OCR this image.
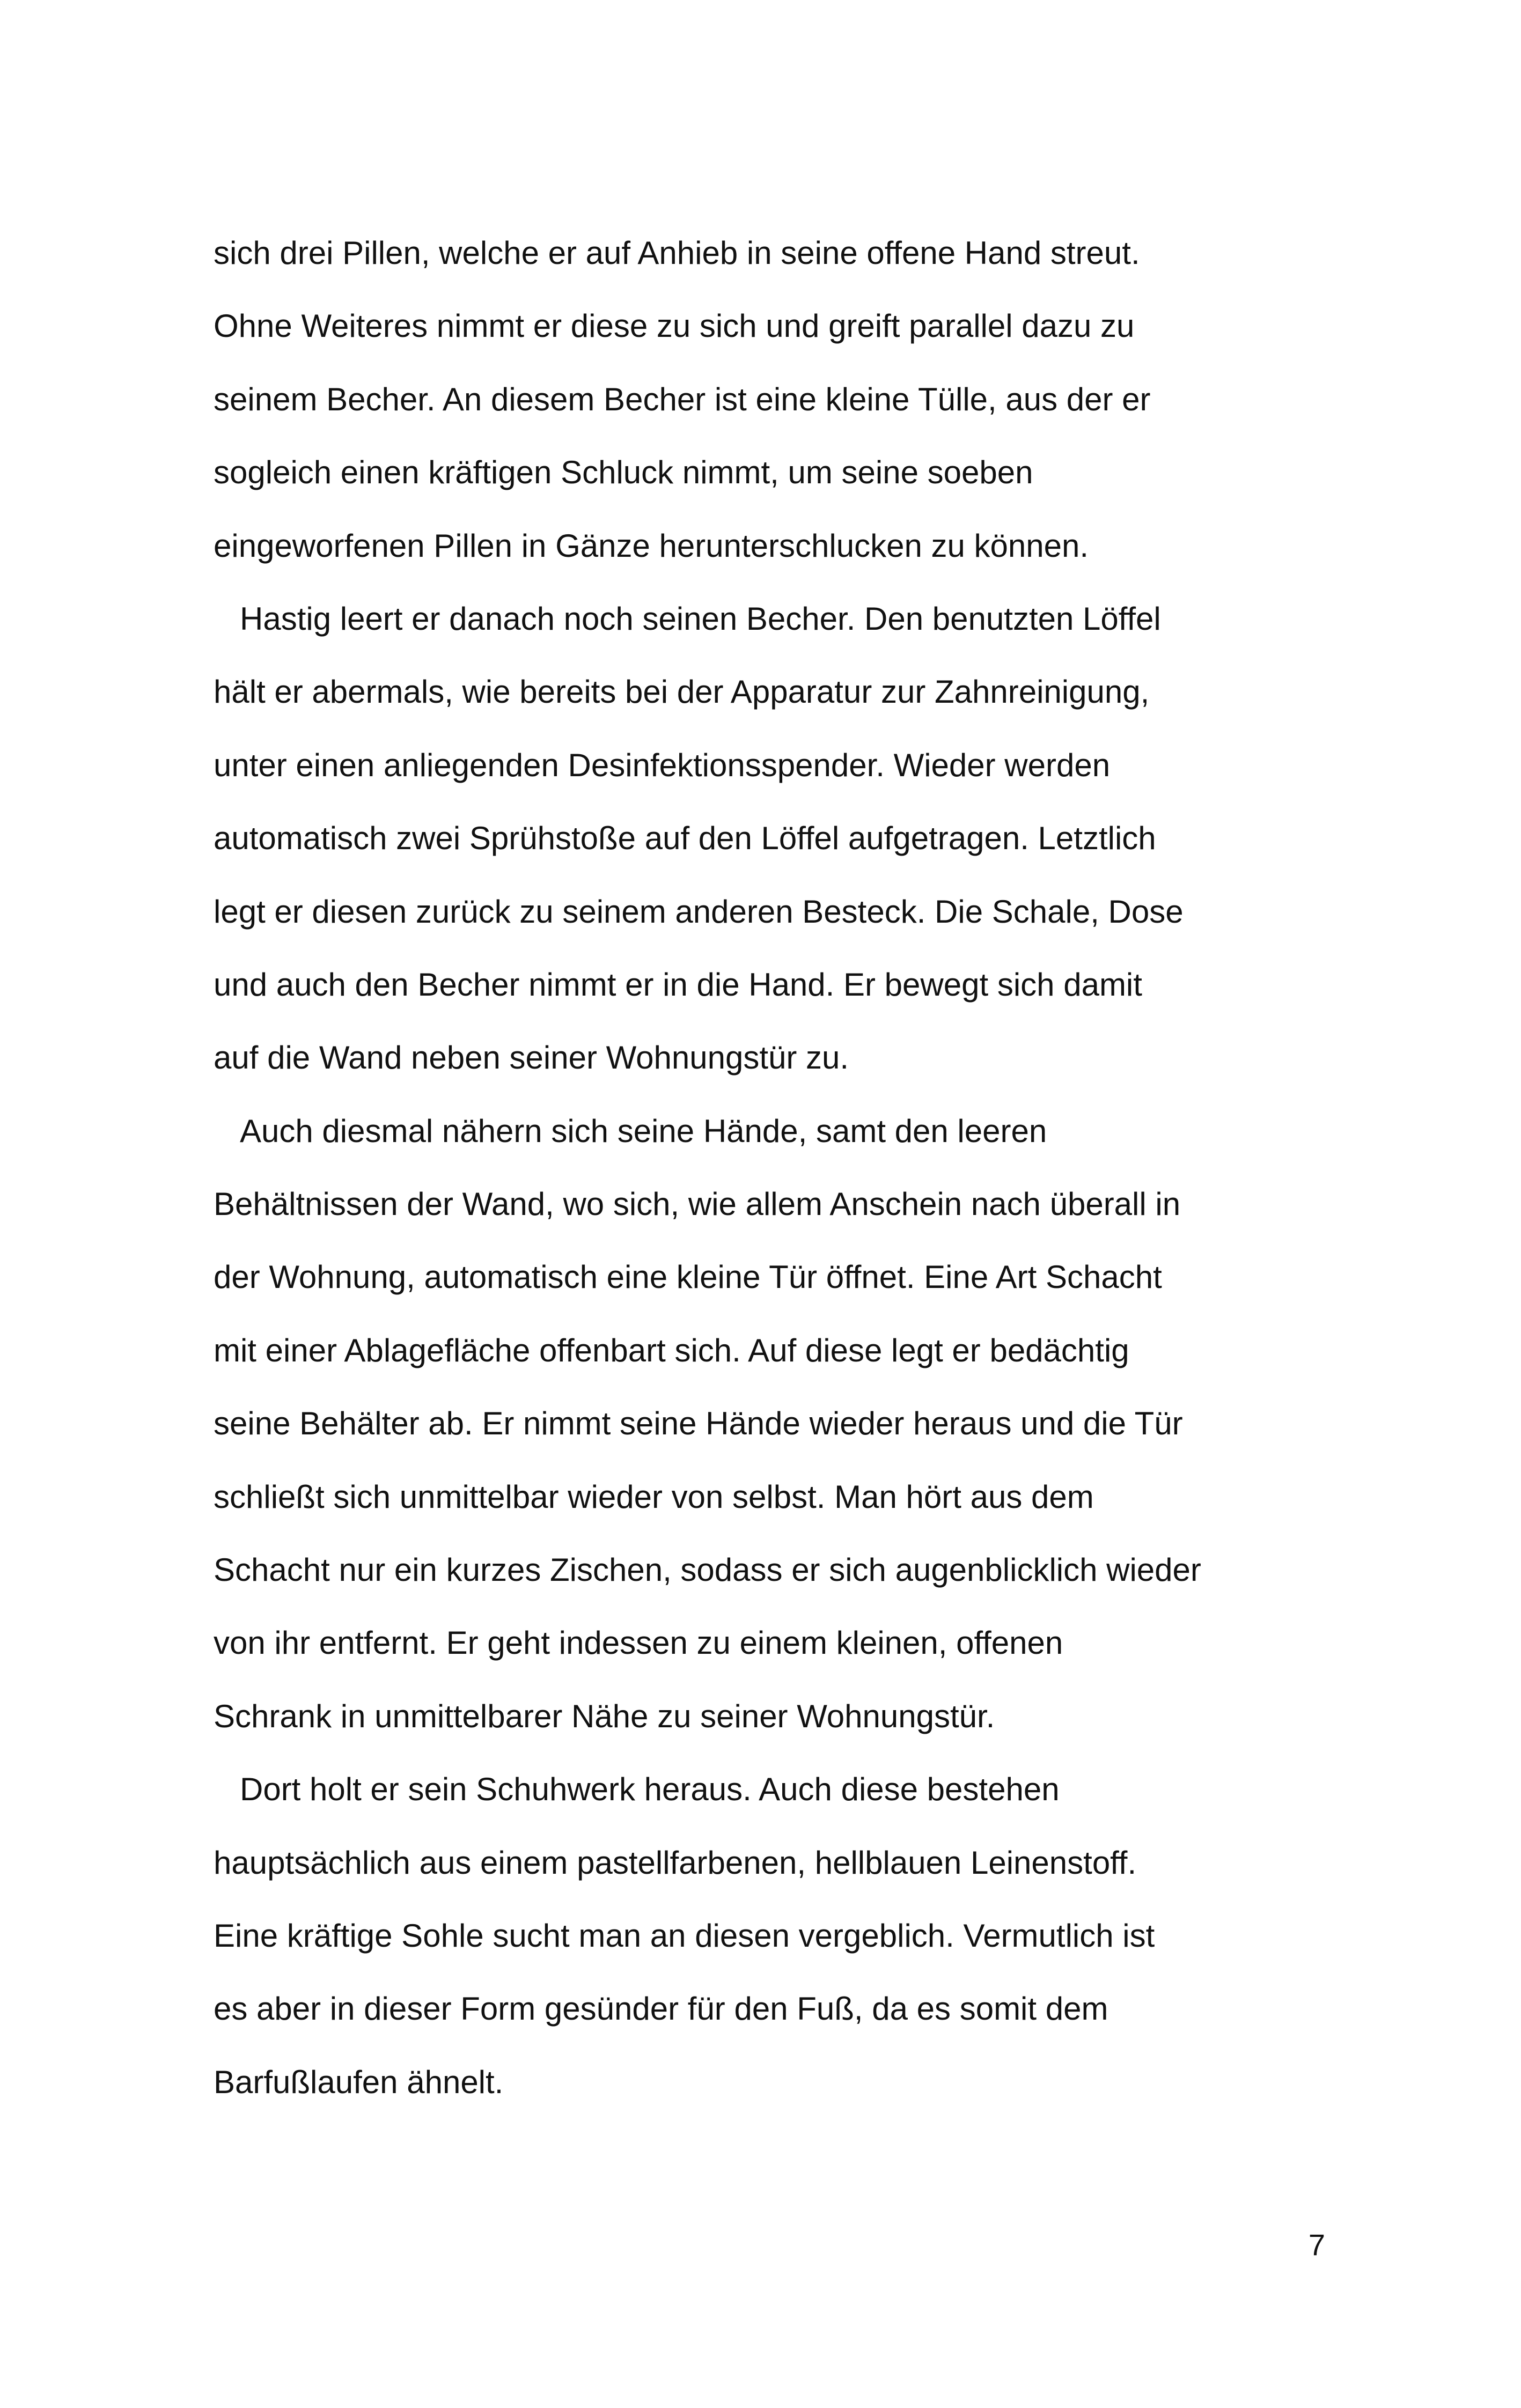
sich drei Pillen, welche er auf Anhieb in seine offene Hand streut.
Ohne Weiteres nimmt er diese zu sich und greift parallel dazu zu
seinem Becher. An diesem Becher ist eine kleine Tülle, aus der er
sogleich einen kräftigen Schluck nimmt, um seine soeben
eingeworfenen Pillen in Gänze herunterschlucken zu können.
Hastig leert er danach noch seinen Becher. Den benutzten Löffel
hält er abermals, wie bereits bei der Apparatur zur Zahnreinigung,
unter einen anliegenden Desinfektionsspender. Wieder werden
automatisch zwei Sprühstoße auf den Löffel aufgetragen. Letztlich
legt er diesen zurück zu seinem anderen Besteck. Die Schale, Dose
und auch den Becher nimmt er in die Hand. Er bewegt sich damit
auf die Wand neben seiner Wohnungstür zu.
Auch diesmal nähern sich seine Hände, samt den leeren
Behältnissen der Wand, wo sich, wie allem Anschein nach überall in
der Wohnung, automatisch eine kleine Tür öffnet. Eine Art Schacht
mit einer Ablagefläche offenbart sich. Auf diese legt er bedächtig
seine Behälter ab. Er nimmt seine Hände wieder heraus und die Tür
schließt sich unmittelbar wieder von selbst. Man hört aus dem
Schacht nur ein kurzes Zischen, sodass er sich augenblicklich wieder
von ihr entfernt. Er geht indessen zu einem kleinen, offenen
Schrank in unmittelbarer Nähe zu seiner Wohnungstür.
Dort holt er sein Schuhwerk heraus. Auch diese bestehen
hauptsächlich aus einem pastellfarbenen, hellblauen Leinenstoff.
Eine kräftige Sohle sucht man an diesen vergeblich. Vermutlich ist
es aber in dieser Form gesünder für den Fuß, da es somit dem
Barfußlaufen ähnelt.
7
